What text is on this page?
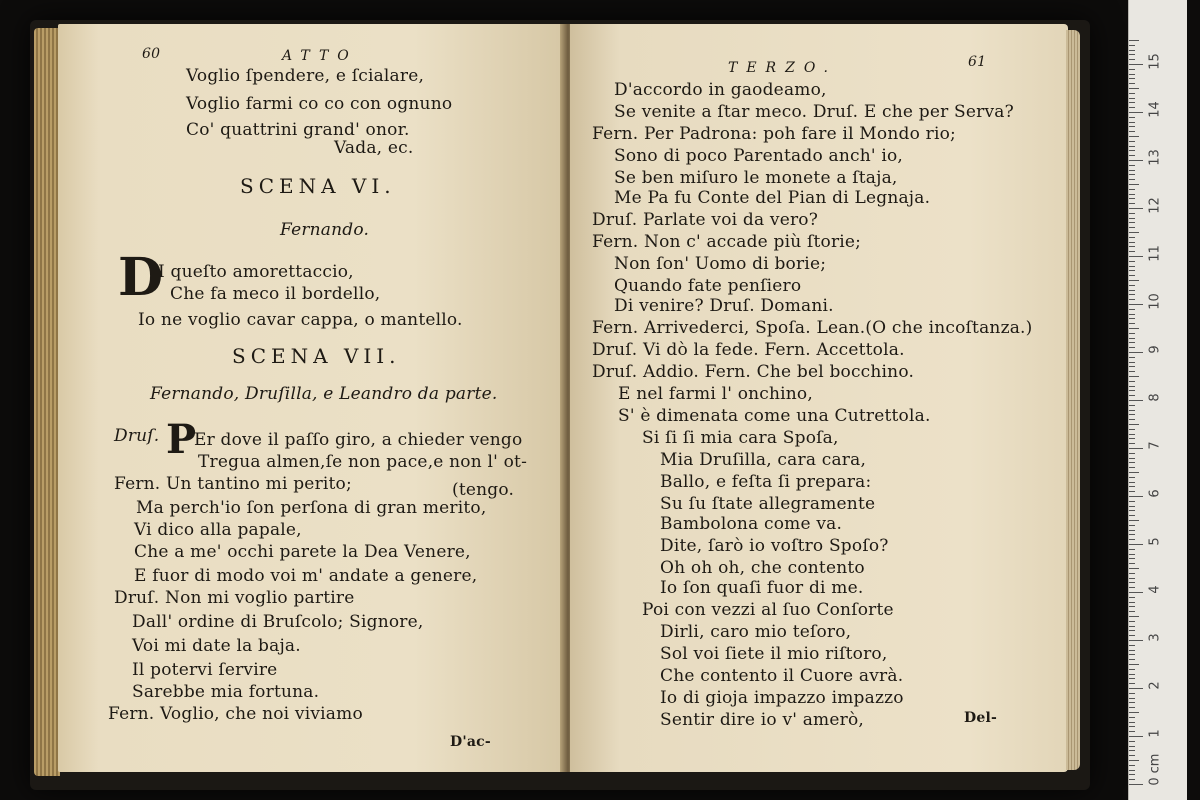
60	ATTO
Voglio ſpendere, e ſcialare,
Voglio farmi co co con ognuno
Co' quattrini grand' onor.
Vada, ec.
SCENA VI.
Fernando.
D
I queſto amorettaccio,
Che fa meco il bordello,
Io ne voglio cavar cappa, o mantello.
SCENA VII.
Fernando, Druſilla, e Leandro da parte.
Druſ. P
Er dove il paſſo giro, a chieder vengo
Tregua almen,ſe non pace,e non l' ot-
Fern. Un tantino mi perito;	(tengo.
Ma perch'io ſon perſona di gran merito,
Vi dico alla papale,
Che a me' occhi parete la Dea Venere,
E fuor di modo voi m' andate a genere,
Druſ. Non mi voglio partire
Dall' ordine di Bruſcolo; Signore,
Voi mi date la baja.
Il potervi ſervire
Sarebbe mia fortuna.
Fern. Voglio, che noi viviamo
D'ac-
TERZO.	61
D'accordo in gaodeamo,
Se venite a ſtar meco. Druſ. E che per Serva?
Fern. Per Padrona: poh fare il Mondo rio;
Sono di poco Parentado anch' io,
Se ben miſuro le monete a ſtaja,
Me Pa fu Conte del Pian di Legnaja.
Druſ. Parlate voi da vero?
Fern. Non c' accade più ſtorie;
Non ſon' Uomo di borie;
Quando fate penſiero
Di venire? Druſ. Domani.
Fern. Arrivederci, Spoſa. Lean.(O che incoſtanza.)
Druſ. Vi dò la fede. Fern. Accettola.
Druſ. Addio. Fern. Che bel bocchino.
E nel farmi l' onchino,
S' è dimenata come una Cutrettola.
Si ſi ſi mia cara Spoſa,
Mia Druſilla, cara cara,
Ballo, e feſta ſi prepara:
Su ſu ſtate allegramente
Bambolona come va.
Dite, ſarò io voſtro Spoſo?
Oh oh oh, che contento
Io ſon quaſi fuor di me.
Poi con vezzi al ſuo Conſorte
Dirli, caro mio teſoro,
Sol voi ſiete il mio riſtoro,
Che contento il Cuore avrà.
Io di gioja impazzo impazzo
Sentir dire io v' amerò,	Del-
0
1
2
3
4
5
6
7
8
9
10
11
12
13
14
15
cm
